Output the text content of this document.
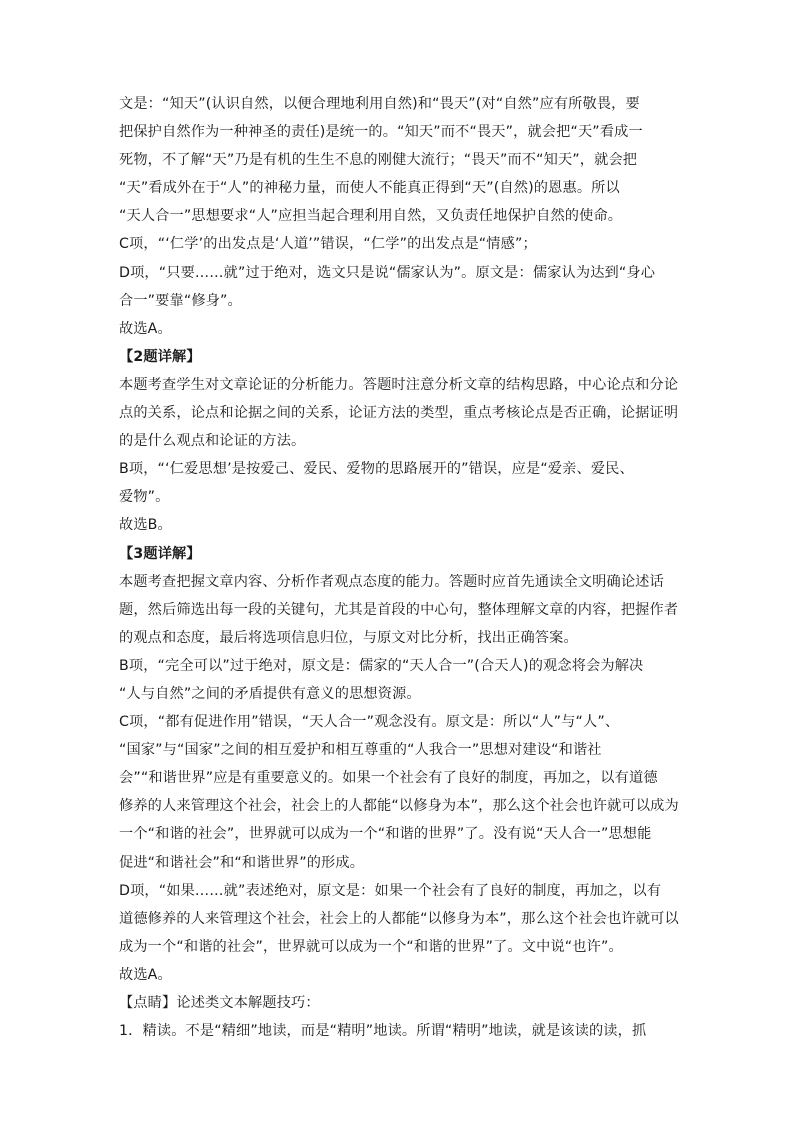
文是：“知天”(认识自然，以便合理地利用自然)和“畏天”(对“自然”应有所敬畏，要
把保护自然作为一种神圣的责任)是统一的。“知天”而不“畏天”，就会把“天”看成一
死物，不了解“天”乃是有机的生生不息的刚健大流行；“畏天”而不“知天”，就会把
“天”看成外在于“人”的神秘力量，而使人不能真正得到“天”(自然)的恩惠。所以
“天人合一”思想要求“人”应担当起合理利用自然，又负责任地保护自然的使命。
C项，“‘仁学’的出发点是‘人道’”错误，“仁学”的出发点是“情感”；
D项，“只要……就”过于绝对，选文只是说“儒家认为”。原文是：儒家认为达到“身心
合一”要靠“修身”。
故选A。
【2题详解】
本题考查学生对文章论证的分析能力。答题时注意分析文章的结构思路，中心论点和分论
点的关系，论点和论据之间的关系，论证方法的类型，重点考核论点是否正确，论据证明
的是什么观点和论证的方法。
B项，“‘仁爱思想’是按爱己、爱民、爱物的思路展开的”错误，应是“爱亲、爱民、
爱物”。
故选B。
【3题详解】
本题考查把握文章内容、分析作者观点态度的能力。答题时应首先通读全文明确论述话
题，然后筛选出每一段的关键句，尤其是首段的中心句，整体理解文章的内容，把握作者
的观点和态度，最后将选项信息归位，与原文对比分析，找出正确答案。
B项，“完全可以”过于绝对，原文是：儒家的“天人合一”(合天人)的观念将会为解决
“人与自然”之间的矛盾提供有意义的思想资源。
C项，“都有促进作用”错误，“天人合一”观念没有。原文是：所以“人”与“人”、
“国家”与“国家”之间的相互爱护和相互尊重的“人我合一”思想对建设“和谐社
会”“和谐世界”应是有重要意义的。如果一个社会有了良好的制度，再加之，以有道德
修养的人来管理这个社会，社会上的人都能“以修身为本”，那么这个社会也许就可以成为
一个“和谐的社会”，世界就可以成为一个“和谐的世界”了。没有说“天人合一”思想能
促进“和谐社会”和“和谐世界”的形成。
D项，“如果……就”表述绝对，原文是：如果一个社会有了良好的制度，再加之，以有
道德修养的人来管理这个社会，社会上的人都能“以修身为本”，那么这个社会也许就可以
成为一个“和谐的社会”，世界就可以成为一个“和谐的世界”了。文中说“也许”。
故选A。
【点睛】论述类文本解题技巧：
1．精读。不是“精细”地读，而是“精明”地读。所谓“精明”地读，就是该读的读，抓
